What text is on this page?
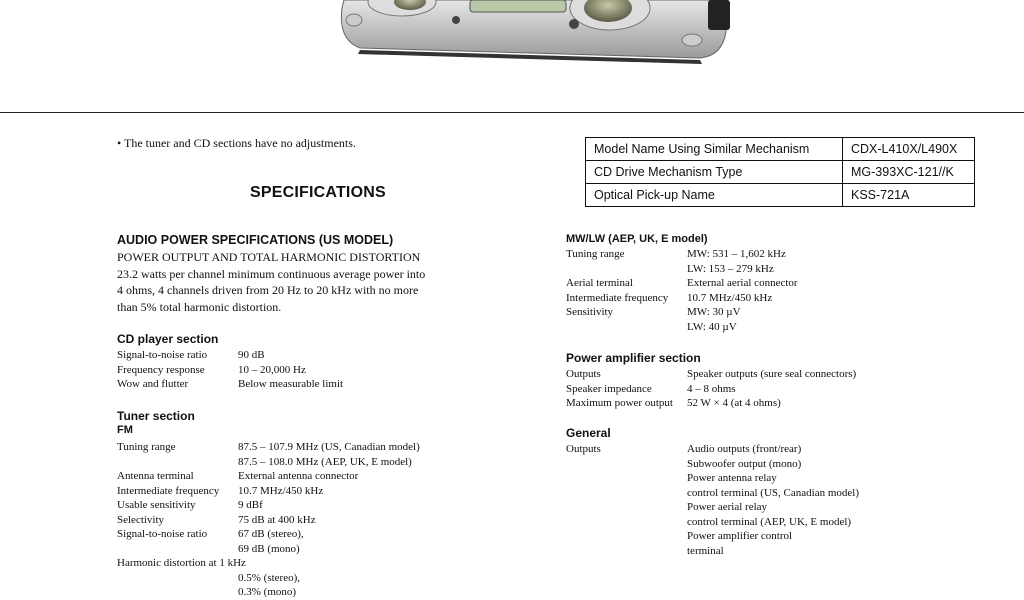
• The tuner and CD sections have no adjustments.
SPECIFICATIONS
Model Name Using Similar Mechanism	CDX-L410X/L490X
CD Drive Mechanism Type	MG-393XC-121//K
Optical Pick-up Name	KSS-721A
AUDIO POWER SPECIFICATIONS (US MODEL)
POWER OUTPUT AND TOTAL HARMONIC DISTORTION
23.2 watts per channel minimum continuous average power into
4 ohms, 4 channels driven from 20 Hz to 20 kHz with no more
than 5% total harmonic distortion.
CD player section
Signal-to-noise ratio	90 dB
Frequency response	10 – 20,000 Hz
Wow and flutter	Below measurable limit
Tuner section
FM
Tuning range	87.5 – 107.9 MHz (US, Canadian model)
87.5 – 108.0 MHz (AEP, UK, E model)
Antenna terminal	External antenna connector
Intermediate frequency 10.7 MHz/450 kHz
Usable sensitivity	9 dBf
Selectivity	75 dB at 400 kHz
Signal-to-noise ratio	67 dB (stereo),
69 dB (mono)
Harmonic distortion at 1 kHz
0.5% (stereo),
0.3% (mono)
MW/LW (AEP, UK, E model)
Tuning range	MW: 531 – 1,602 kHz
LW: 153 – 279 kHz
Aerial terminal	External aerial connector
Intermediate frequency 10.7 MHz/450 kHz
Sensitivity	MW: 30 µV
LW: 40 µV
Power amplifier section
Outputs	Speaker outputs (sure seal connectors)
Speaker impedance	4 – 8 ohms
Maximum power output 52 W × 4 (at 4 ohms)
General
Outputs	Audio outputs (front/rear)
Subwoofer output (mono)
Power antenna relay
control terminal (US, Canadian model)
Power aerial relay
control terminal (AEP, UK, E model)
Power amplifier control
terminal
